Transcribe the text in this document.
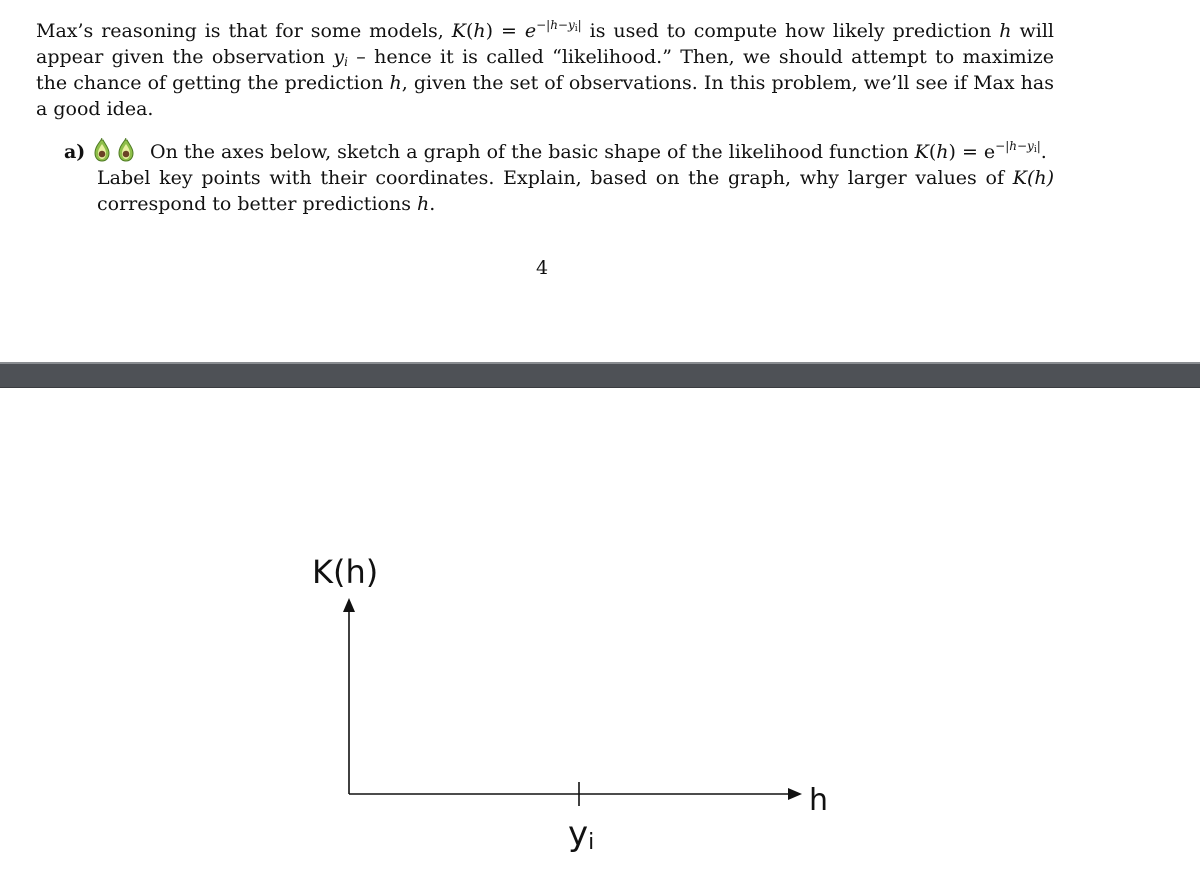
Max’s reasoning is that for some models, $K(h) = e^{-|h-y_i|}$ is used to compute how likely prediction h will appear given the observation $y_i$ – hence it is called “likelihood.” Then, we should attempt to maximize the chance of getting the prediction h, given the set of observations. In this problem, we’ll see if Max has a good idea.

a)	On the axes below, sketch a graph of the basic shape of the likelihood function $K(h) = e^{-|h-y_i|}$.
Label key points with their coordinates. Explain, based on the graph, why larger values of K(h) correspond to better predictions h.
4
K(h)
h
yi
